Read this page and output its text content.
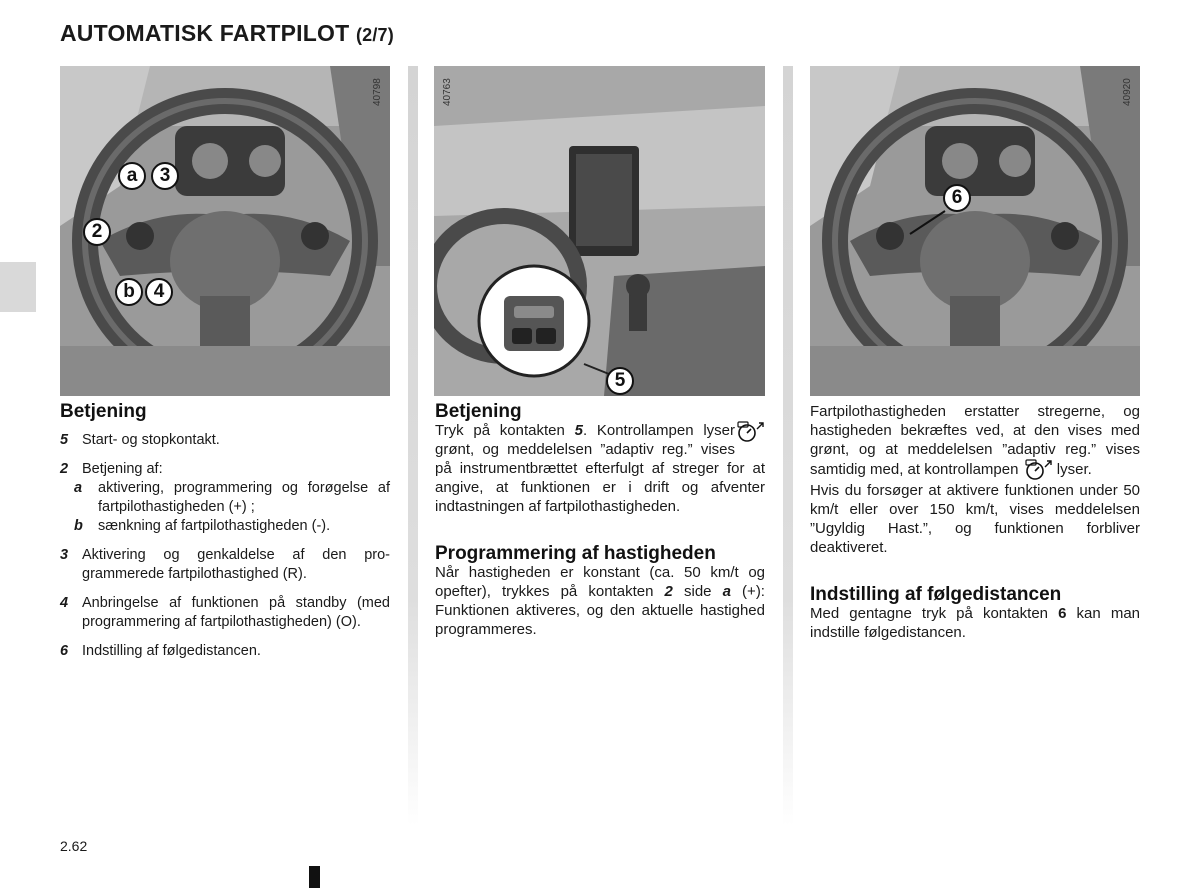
AUTOMATISK FARTPILOT (2/7)
40798
a	3
2
b 4
40763
5
40920
6
Betjening
5 Start- og stopkontakt.
2 Betjening af:
a aktivering, programmering og forøgelse af fartpilothastigheden (+) ;
b sænkning af fartpilothastigheden (-).
3 Aktivering og genkaldelse af den programmerede fartpilothastighed (R).
4 Anbringelse af funktionen på standby (med programmering af fartpilothastigheden) (O).
6 Indstilling af følgedistancen.
Betjening

Tryk på kontakten 5. Kontrollampen lyser grønt, og meddelelsen ”adaptiv reg.” vises på instrumentbrættet efterfulgt af streger for at angive, at funktionen er i drift og afventer indtastningen af fartpilothastigheden.

Programmering af hastigheden

Når hastigheden er konstant (ca. 50 km/t og opefter), trykkes på kontakten 2 side a (+): Funktionen aktiveres, og den aktuelle hastighed programmeres.

Fartpilothastigheden erstatter stregerne, og hastigheden bekræftes ved, at den vises med grønt, og at meddelelsen ”adaptiv reg.” vises samtidig med, at kontrollampen	lyser.

Hvis du forsøger at aktivere funktionen under 50 km/t eller over 150 km/t, vises meddelelsen ”Ugyldig Hast.”, og funktionen forbliver deaktiveret.

Indstilling af følgedistancen

Med gentagne tryk på kontakten 6 kan man indstille følgedistancen.

2.62
